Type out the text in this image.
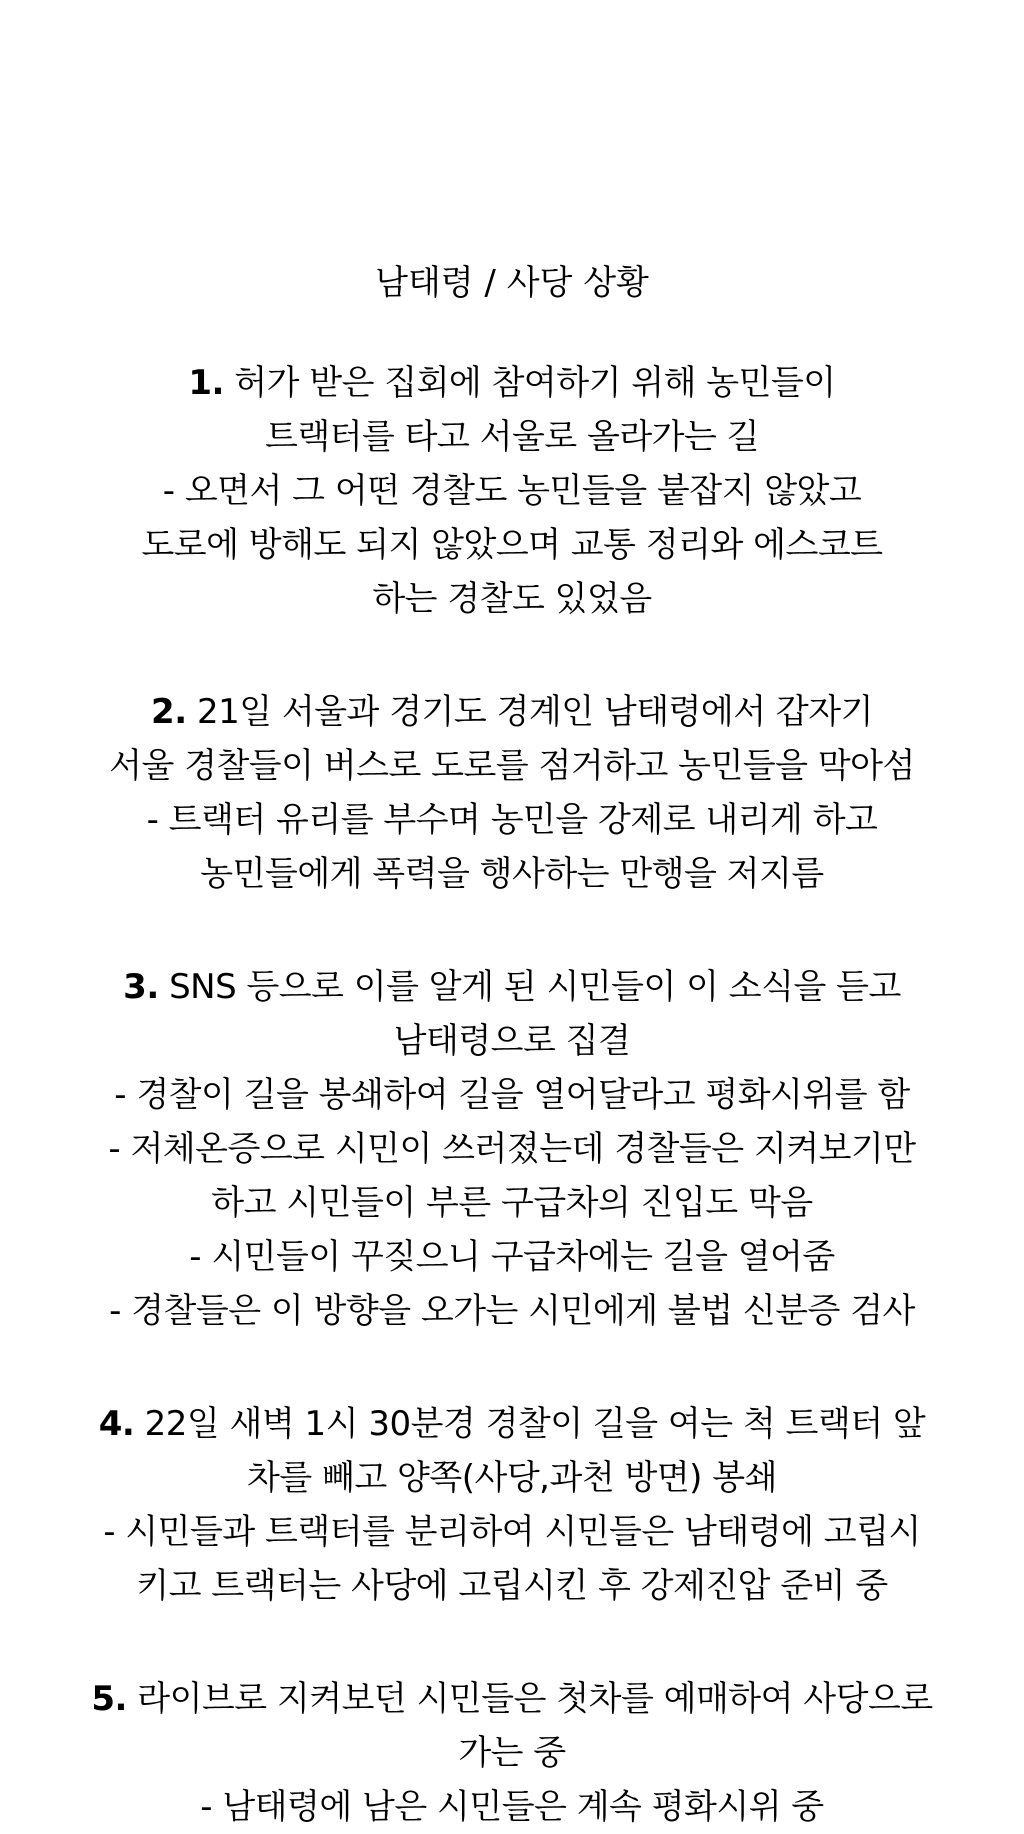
남태령 / 사당 상황
1. 허가 받은 집회에 참여하기 위해 농민들이
트랙터를 타고 서울로 올라가는 길
- 오면서 그 어떤 경찰도 농민들을 붙잡지 않았고
도로에 방해도 되지 않았으며 교통 정리와 에스코트
하는 경찰도 있었음
2. 21일 서울과 경기도 경계인 남태령에서 갑자기
서울 경찰들이 버스로 도로를 점거하고 농민들을 막아섬
- 트랙터 유리를 부수며 농민을 강제로 내리게 하고
농민들에게 폭력을 행사하는 만행을 저지름
3. SNS 등으로 이를 알게 된 시민들이 이 소식을 듣고
남태령으로 집결
- 경찰이 길을 봉쇄하여 길을 열어달라고 평화시위를 함
- 저체온증으로 시민이 쓰러졌는데 경찰들은 지켜보기만
하고 시민들이 부른 구급차의 진입도 막음
- 시민들이 꾸짖으니 구급차에는 길을 열어줌
- 경찰들은 이 방향을 오가는 시민에게 불법 신분증 검사
4. 22일 새벽 1시 30분경 경찰이 길을 여는 척 트랙터 앞
차를 빼고 양쪽(사당,과천 방면) 봉쇄
- 시민들과 트랙터를 분리하여 시민들은 남태령에 고립시
키고 트랙터는 사당에 고립시킨 후 강제진압 준비 중
5. 라이브로 지켜보던 시민들은 첫차를 예매하여 사당으로
가는 중
- 남태령에 남은 시민들은 계속 평화시위 중
